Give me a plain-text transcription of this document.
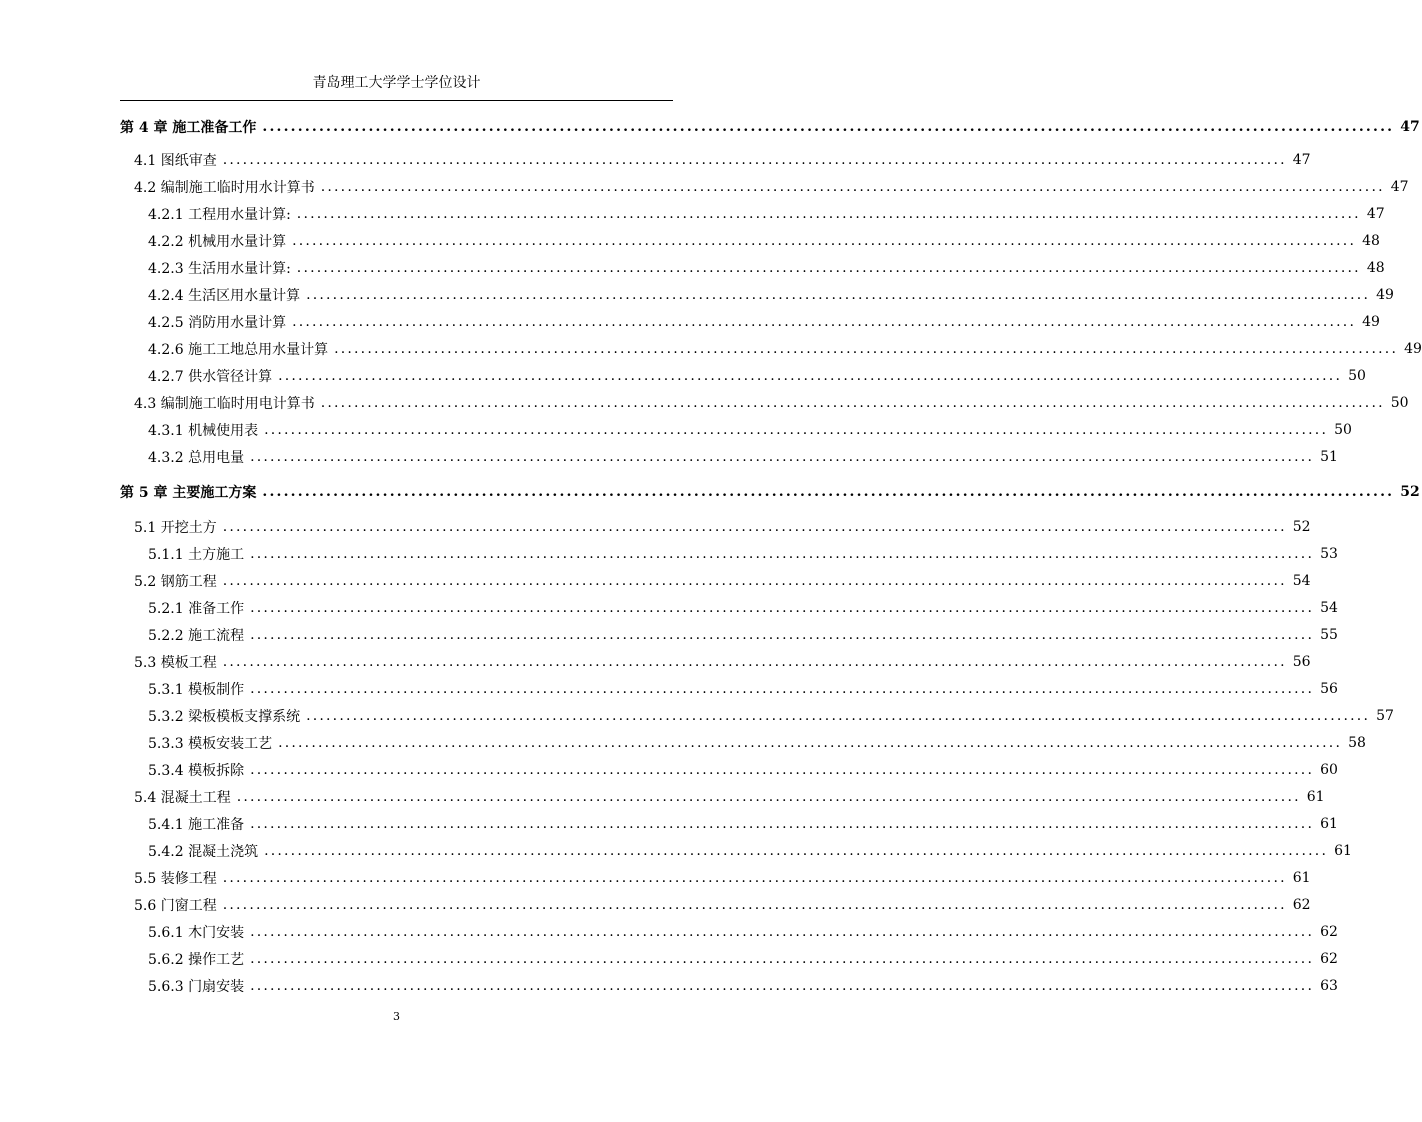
青岛理工大学学士学位设计
第 4 章 施工准备工作 ................................................................................................................................................................ 47
4.1 图纸审查 ................................................................................................................................................................ 47
4.2 编制施工临时用水计算书 ................................................................................................................................................................ 47
4.2.1 工程用水量计算: ................................................................................................................................................................ 47
4.2.2 机械用水量计算 ................................................................................................................................................................ 48
4.2.3 生活用水量计算: ................................................................................................................................................................ 48
4.2.4 生活区用水量计算 ................................................................................................................................................................ 49
4.2.5 消防用水量计算 ................................................................................................................................................................ 49
4.2.6 施工工地总用水量计算 ................................................................................................................................................................ 49
4.2.7 供水管径计算 ................................................................................................................................................................ 50
4.3 编制施工临时用电计算书 ................................................................................................................................................................ 50
4.3.1 机械使用表 ................................................................................................................................................................ 50
4.3.2 总用电量 ................................................................................................................................................................ 51
第 5 章 主要施工方案 ................................................................................................................................................................ 52
5.1 开挖土方 ................................................................................................................................................................ 52
5.1.1 土方施工 ................................................................................................................................................................ 53
5.2 钢筋工程 ................................................................................................................................................................ 54
5.2.1 准备工作 ................................................................................................................................................................ 54
5.2.2 施工流程 ................................................................................................................................................................ 55
5.3 模板工程 ................................................................................................................................................................ 56
5.3.1 模板制作 ................................................................................................................................................................ 56
5.3.2 梁板模板支撑系统 ................................................................................................................................................................ 57
5.3.3 模板安装工艺 ................................................................................................................................................................ 58
5.3.4 模板拆除 ................................................................................................................................................................ 60
5.4 混凝土工程 ................................................................................................................................................................ 61
5.4.1 施工准备 ................................................................................................................................................................ 61
5.4.2 混凝土浇筑 ................................................................................................................................................................ 61
5.5 装修工程 ................................................................................................................................................................ 61
5.6 门窗工程 ................................................................................................................................................................ 62
5.6.1 木门安装 ................................................................................................................................................................ 62
5.6.2 操作工艺 ................................................................................................................................................................ 62
5.6.3 门扇安装 ................................................................................................................................................................ 63
3
